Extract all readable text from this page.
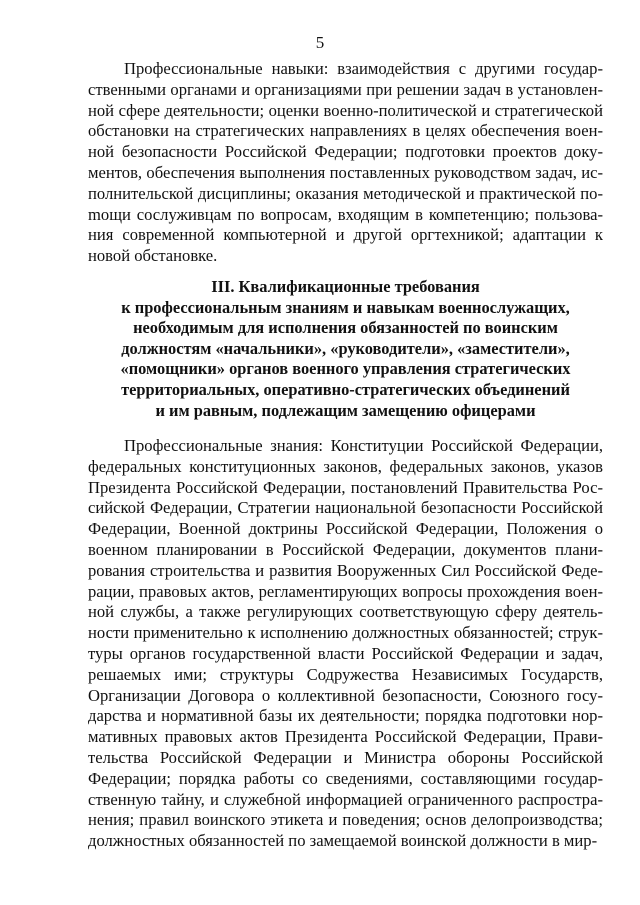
5

Профессиональные навыки: взаимодействия с другими государственными органами и организациями при решении задач в установленной сфере деятельности; оценки военно-политической и стратегической обстановки на стратегических направлениях в целях обеспечения военной безопасности Российской Федерации; подготовки проектов документов, обеспечения выполнения поставленных руководством задач, исполнительской дисциплины; оказания методической и практической поmощи сослуживцам по вопросам, входящим в компетенцию; пользования современной компьютерной и другой оргтехникой; адаптации к новой обстановке.

III. Квалификационные требования
к профессиональным знаниям и навыкам военнослужащих,
необходимым для исполнения обязанностей по воинским
должностям «начальники», «руководители», «заместители»,
«помощники» органов военного управления стратегических
территориальных, оперативно-стратегических объединений
и им равным, подлежащим замещению офицерами

Профессиональные знания: Конституции Российской Федерации, федеральных конституционных законов, федеральных законов, указов Президента Российской Федерации, постановлений Правительства Российской Федерации, Стратегии национальной безопасности Российской Федерации, Военной доктрины Российской Федерации, Положения о военном планировании в Российской Федерации, документов планирования строительства и развития Вооруженных Сил Российской Федерации, правовых актов, регламентирующих вопросы прохождения военной службы, а также регулирующих соответствующую сферу деятельности применительно к исполнению должностных обязанностей; структуры органов государственной власти Российской Федерации и задач, решаемых ими; структуры Содружества Независимых Государств, Организации Договора о коллективной безопасности, Союзного государства и нормативной базы их деятельности; порядка подготовки нормативных правовых актов Президента Российской Федерации, Правительства Российской Федерации и Министра обороны Российской Федерации; порядка работы со сведениями, составляющими государственную тайну, и служебной информацией ограниченного распространения; правил воинского этикета и поведения; основ делопроизводства; должностных обязанностей по замещаемой воинской должности в мир-
